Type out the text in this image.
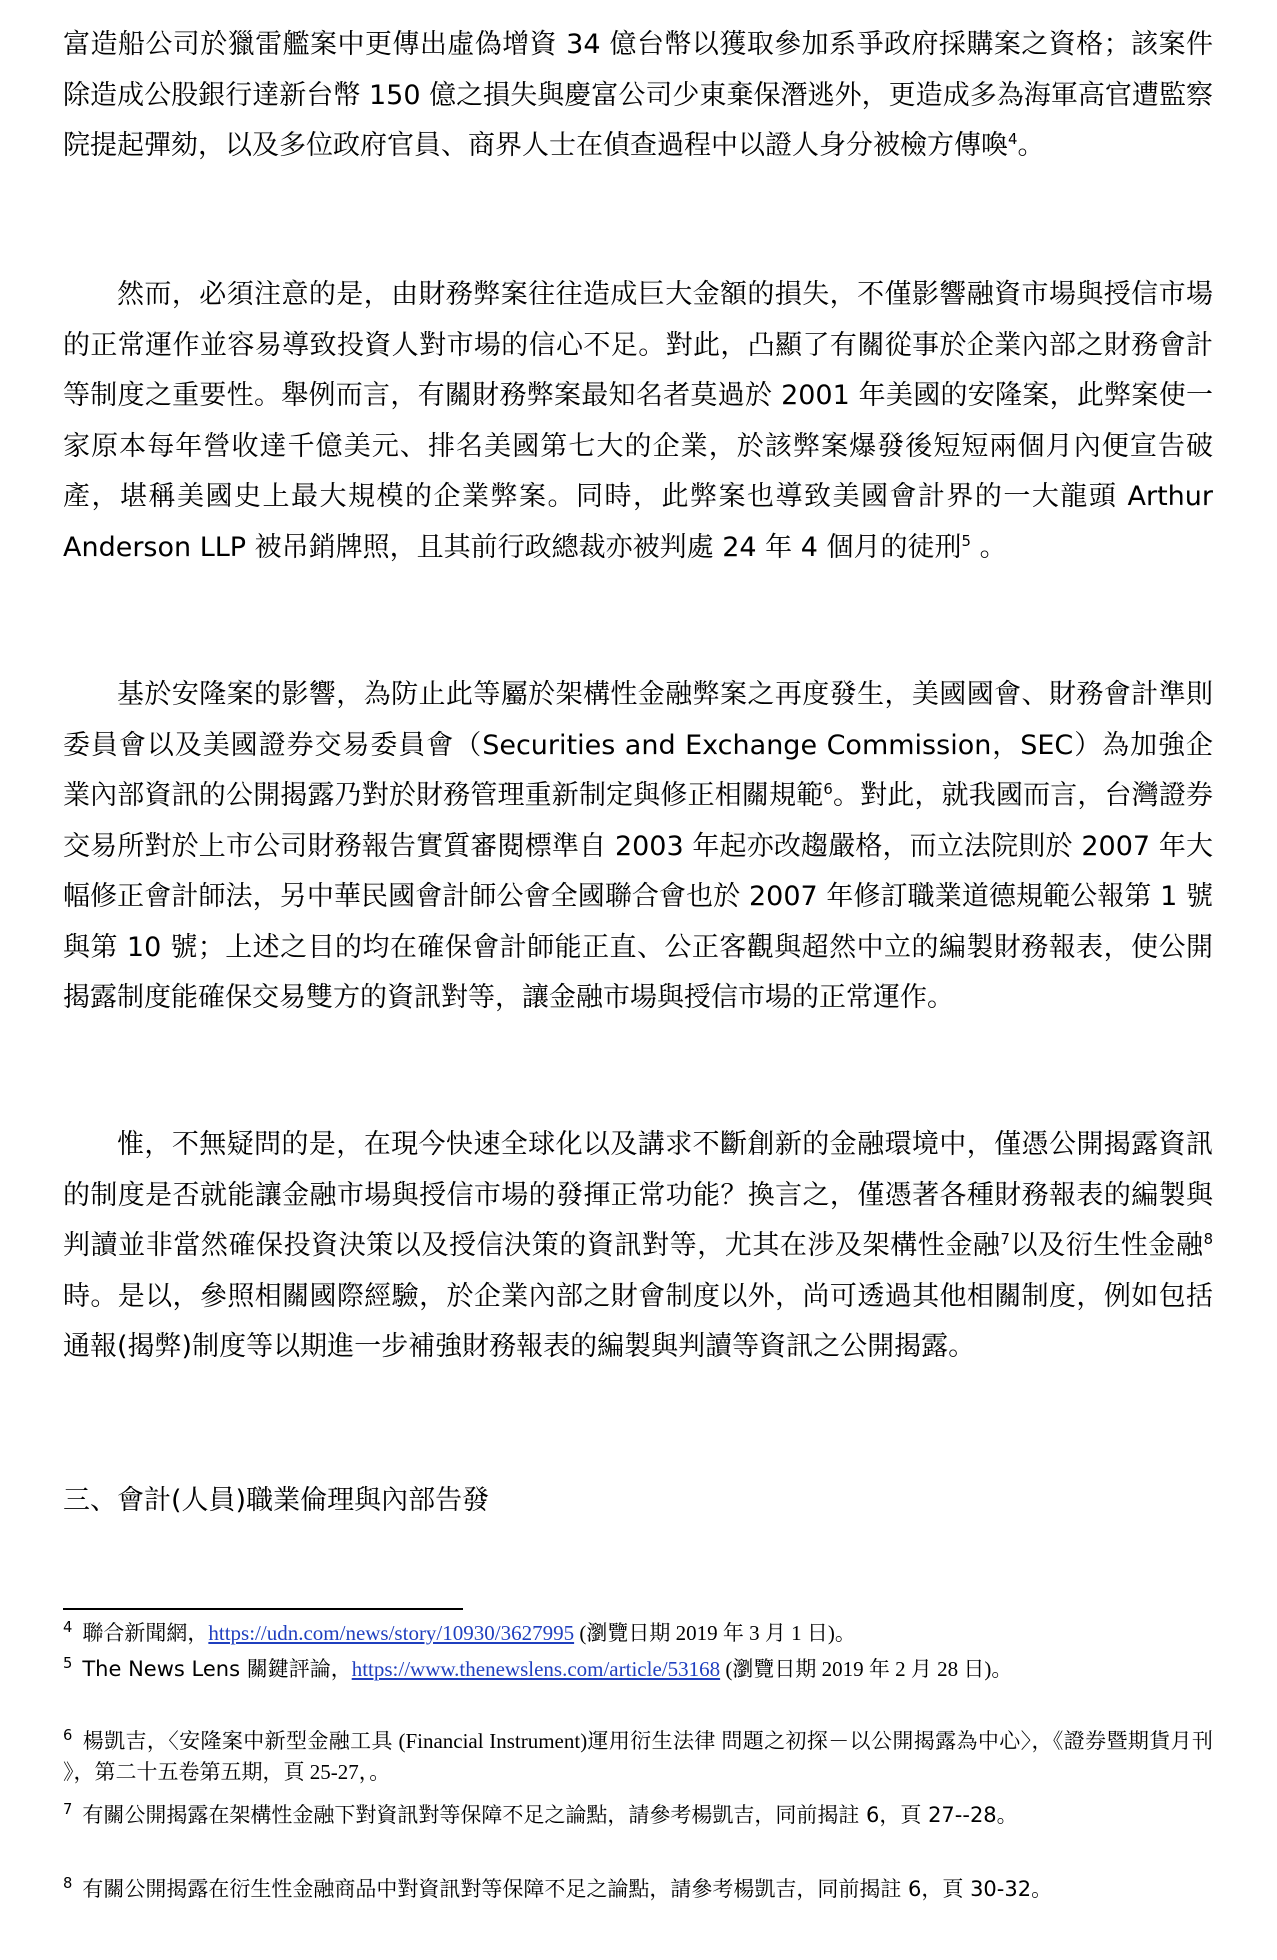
富造船公司於獵雷艦案中更傳出虛偽增資 34 億台幣以獲取參加系爭政府採購案之資格；該案件除造成公股銀行達新台幣 150 億之損失與慶富公司少東棄保潛逃外，更造成多為海軍高官遭監察院提起彈劾，以及多位政府官員、商界人士在偵查過程中以證人身分被檢方傳喚$^4$。

然而，必須注意的是，由財務弊案往往造成巨大金額的損失，不僅影響融資市場與授信市場的正常運作並容易導致投資人對市場的信心不足。對此，凸顯了有關從事於企業內部之財務會計等制度之重要性。舉例而言，有關財務弊案最知名者莫過於 2001 年美國的安隆案，此弊案使一家原本每年營收達千億美元、排名美國第七大的企業，於該弊案爆發後短短兩個月內便宣告破產，堪稱美國史上最大規模的企業弊案。同時，此弊案也導致美國會計界的一大龍頭 Arthur Anderson LLP 被吊銷牌照，且其前行政總裁亦被判處 24 年 4 個月的徒刑$^5$ 。

基於安隆案的影響，為防止此等屬於架構性金融弊案之再度發生，美國國會、財務會計準則委員會以及美國證券交易委員會（Securities and Exchange Commission，SEC）為加強企業內部資訊的公開揭露乃對於財務管理重新制定與修正相關規範$^6$。對此，就我國而言，台灣證券交易所對於上市公司財務報告實質審閱標準自 2003 年起亦改趨嚴格，而立法院則於 2007 年大幅修正會計師法，另中華民國會計師公會全國聯合會也於 2007 年修訂職業道德規範公報第 1 號與第 10 號；上述之目的均在確保會計師能正直、公正客觀與超然中立的編製財務報表，使公開揭露制度能確保交易雙方的資訊對等，讓金融市場與授信市場的正常運作。

惟，不無疑問的是，在現今快速全球化以及講求不斷創新的金融環境中，僅憑公開揭露資訊的制度是否就能讓金融市場與授信市場的發揮正常功能？換言之，僅憑著各種財務報表的編製與判讀並非當然確保投資決策以及授信決策的資訊對等，尤其在涉及架構性金融$^7$以及衍生性金融$^8$時。是以，參照相關國際經驗，於企業內部之財會制度以外，尚可透過其他相關制度，例如包括通報(揭弊)制度等以期進一步補強財務報表的編製與判讀等資訊之公開揭露。

三、會計(人員)職業倫理與內部告發

$^4$ 聯合新聞網，https://udn.com/news/story/10930/3627995 (瀏覽日期 2019 年 3 月 1 日)。

$^5$ The News Lens 關鍵評論，https://www.thenewslens.com/article/53168 (瀏覽日期 2019 年 2 月 28 日)。

$^6$ 楊凱吉，〈安隆案中新型金融工具 (Financial Instrument)運用衍生法律 問題之初探－以公開揭露為中心〉，《證券暨期貨月刊 》，第二十五卷第五期，頁 25-27，。

$^7$ 有關公開揭露在架構性金融下對資訊對等保障不足之論點，請參考楊凱吉，同前揭註 6，頁 27--28。

$^8$ 有關公開揭露在衍生性金融商品中對資訊對等保障不足之論點，請參考楊凱吉，同前揭註 6，頁 30-32。
